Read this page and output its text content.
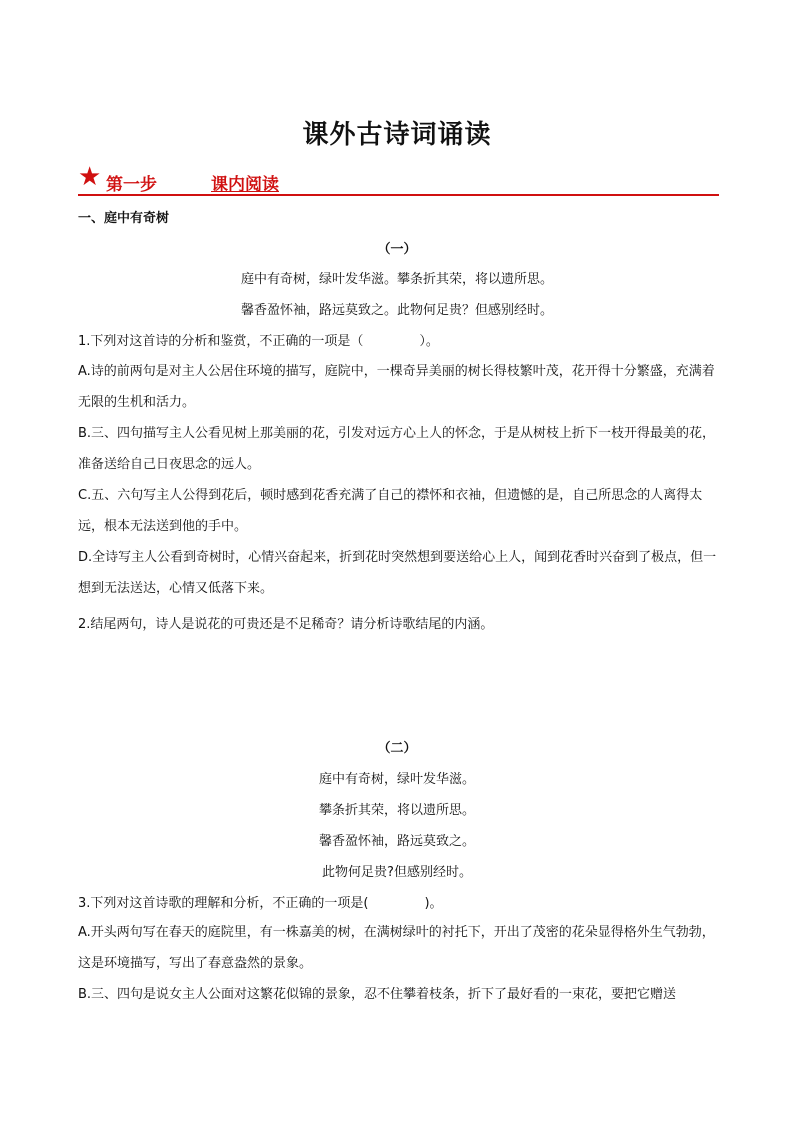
课外古诗词诵读
★ 第一步	课内阅读
一、庭中有奇树
（一）
庭中有奇树，绿叶发华滋。攀条折其荣，将以遗所思。
馨香盈怀袖，路远莫致之。此物何足贵？但感别经时。
1.下列对这首诗的分析和鉴赏，不正确的一项是（	）。
A.诗的前两句是对主人公居住环境的描写，庭院中，一棵奇异美丽的树长得枝繁叶茂，花开得十分繁盛，充满着无限的生机和活力。
B.三、四句描写主人公看见树上那美丽的花，引发对远方心上人的怀念，于是从树枝上折下一枝开得最美的花，准备送给自己日夜思念的远人。
C.五、六句写主人公得到花后，顿时感到花香充满了自己的襟怀和衣袖，但遗憾的是，自己所思念的人离得太远，根本无法送到他的手中。
D.全诗写主人公看到奇树时，心情兴奋起来，折到花时突然想到要送给心上人，闻到花香时兴奋到了极点，但一想到无法送达，心情又低落下来。
2.结尾两句，诗人是说花的可贵还是不足稀奇？请分析诗歌结尾的内涵。
（二）
庭中有奇树，绿叶发华滋。
攀条折其荣，将以遗所思。
馨香盈怀袖，路远莫致之。
此物何足贵?但感别经时。
3.下列对这首诗歌的理解和分析，不正确的一项是(	)。
A.开头两句写在春天的庭院里，有一株嘉美的树，在满树绿叶的衬托下，开出了茂密的花朵显得格外生气勃勃，这是环境描写，写出了春意盎然的景象。
B.三、四句是说女主人公面对这繁花似锦的景象，忍不住攀着枝条，折下了最好看的一束花，要把它赠送
